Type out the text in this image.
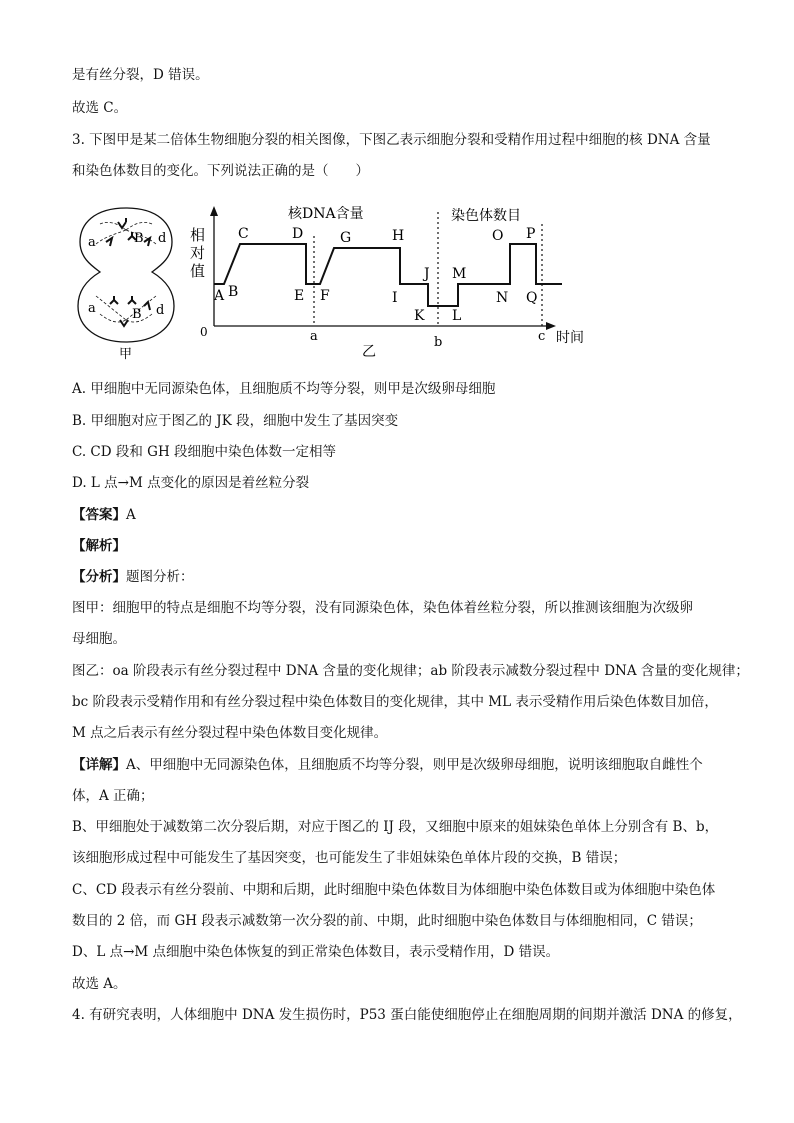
是有丝分裂，D 错误。
故选 C。
3. 下图甲是某二倍体生物细胞分裂的相关图像，下图乙表示细胞分裂和受精作用过程中细胞的核 DNA 含量
和染色体数目的变化。下列说法正确的是（　　）
a	B d
a	B d
甲
0
相
对
值
核DNA含量	染色体数目
时间
乙
a	b	c
A B
C	D
E F
G	H
I
J
K L
M
N
O P
Q
A. 甲细胞中无同源染色体，且细胞质不均等分裂，则甲是次级卵母细胞
B. 甲细胞对应于图乙的 JK 段，细胞中发生了基因突变
C. CD 段和 GH 段细胞中染色体数一定相等
D. L 点→M 点变化的原因是着丝粒分裂
【答案】A
【解析】
【分析】题图分析：
图甲：细胞甲的特点是细胞不均等分裂，没有同源染色体，染色体着丝粒分裂，所以推测该细胞为次级卵
母细胞。
图乙：oa 阶段表示有丝分裂过程中 DNA 含量的变化规律；ab 阶段表示减数分裂过程中 DNA 含量的变化规律；
bc 阶段表示受精作用和有丝分裂过程中染色体数目的变化规律，其中 ML 表示受精作用后染色体数目加倍，
M 点之后表示有丝分裂过程中染色体数目变化规律。
【详解】A、甲细胞中无同源染色体，且细胞质不均等分裂，则甲是次级卵母细胞，说明该细胞取自雌性个
体，A 正确；
B、甲细胞处于减数第二次分裂后期，对应于图乙的 IJ 段，又细胞中原来的姐妹染色单体上分别含有 B、b，
该细胞形成过程中可能发生了基因突变，也可能发生了非姐妹染色单体片段的交换，B 错误；
C、CD 段表示有丝分裂前、中期和后期，此时细胞中染色体数目为体细胞中染色体数目或为体细胞中染色体
数目的 2 倍，而 GH 段表示减数第一次分裂的前、中期，此时细胞中染色体数目与体细胞相同，C 错误；
D、L 点→M 点细胞中染色体恢复的到正常染色体数目，表示受精作用，D 错误。
故选 A。
4. 有研究表明，人体细胞中 DNA 发生损伤时，P53 蛋白能使细胞停止在细胞周期的间期并激活 DNA 的修复，
